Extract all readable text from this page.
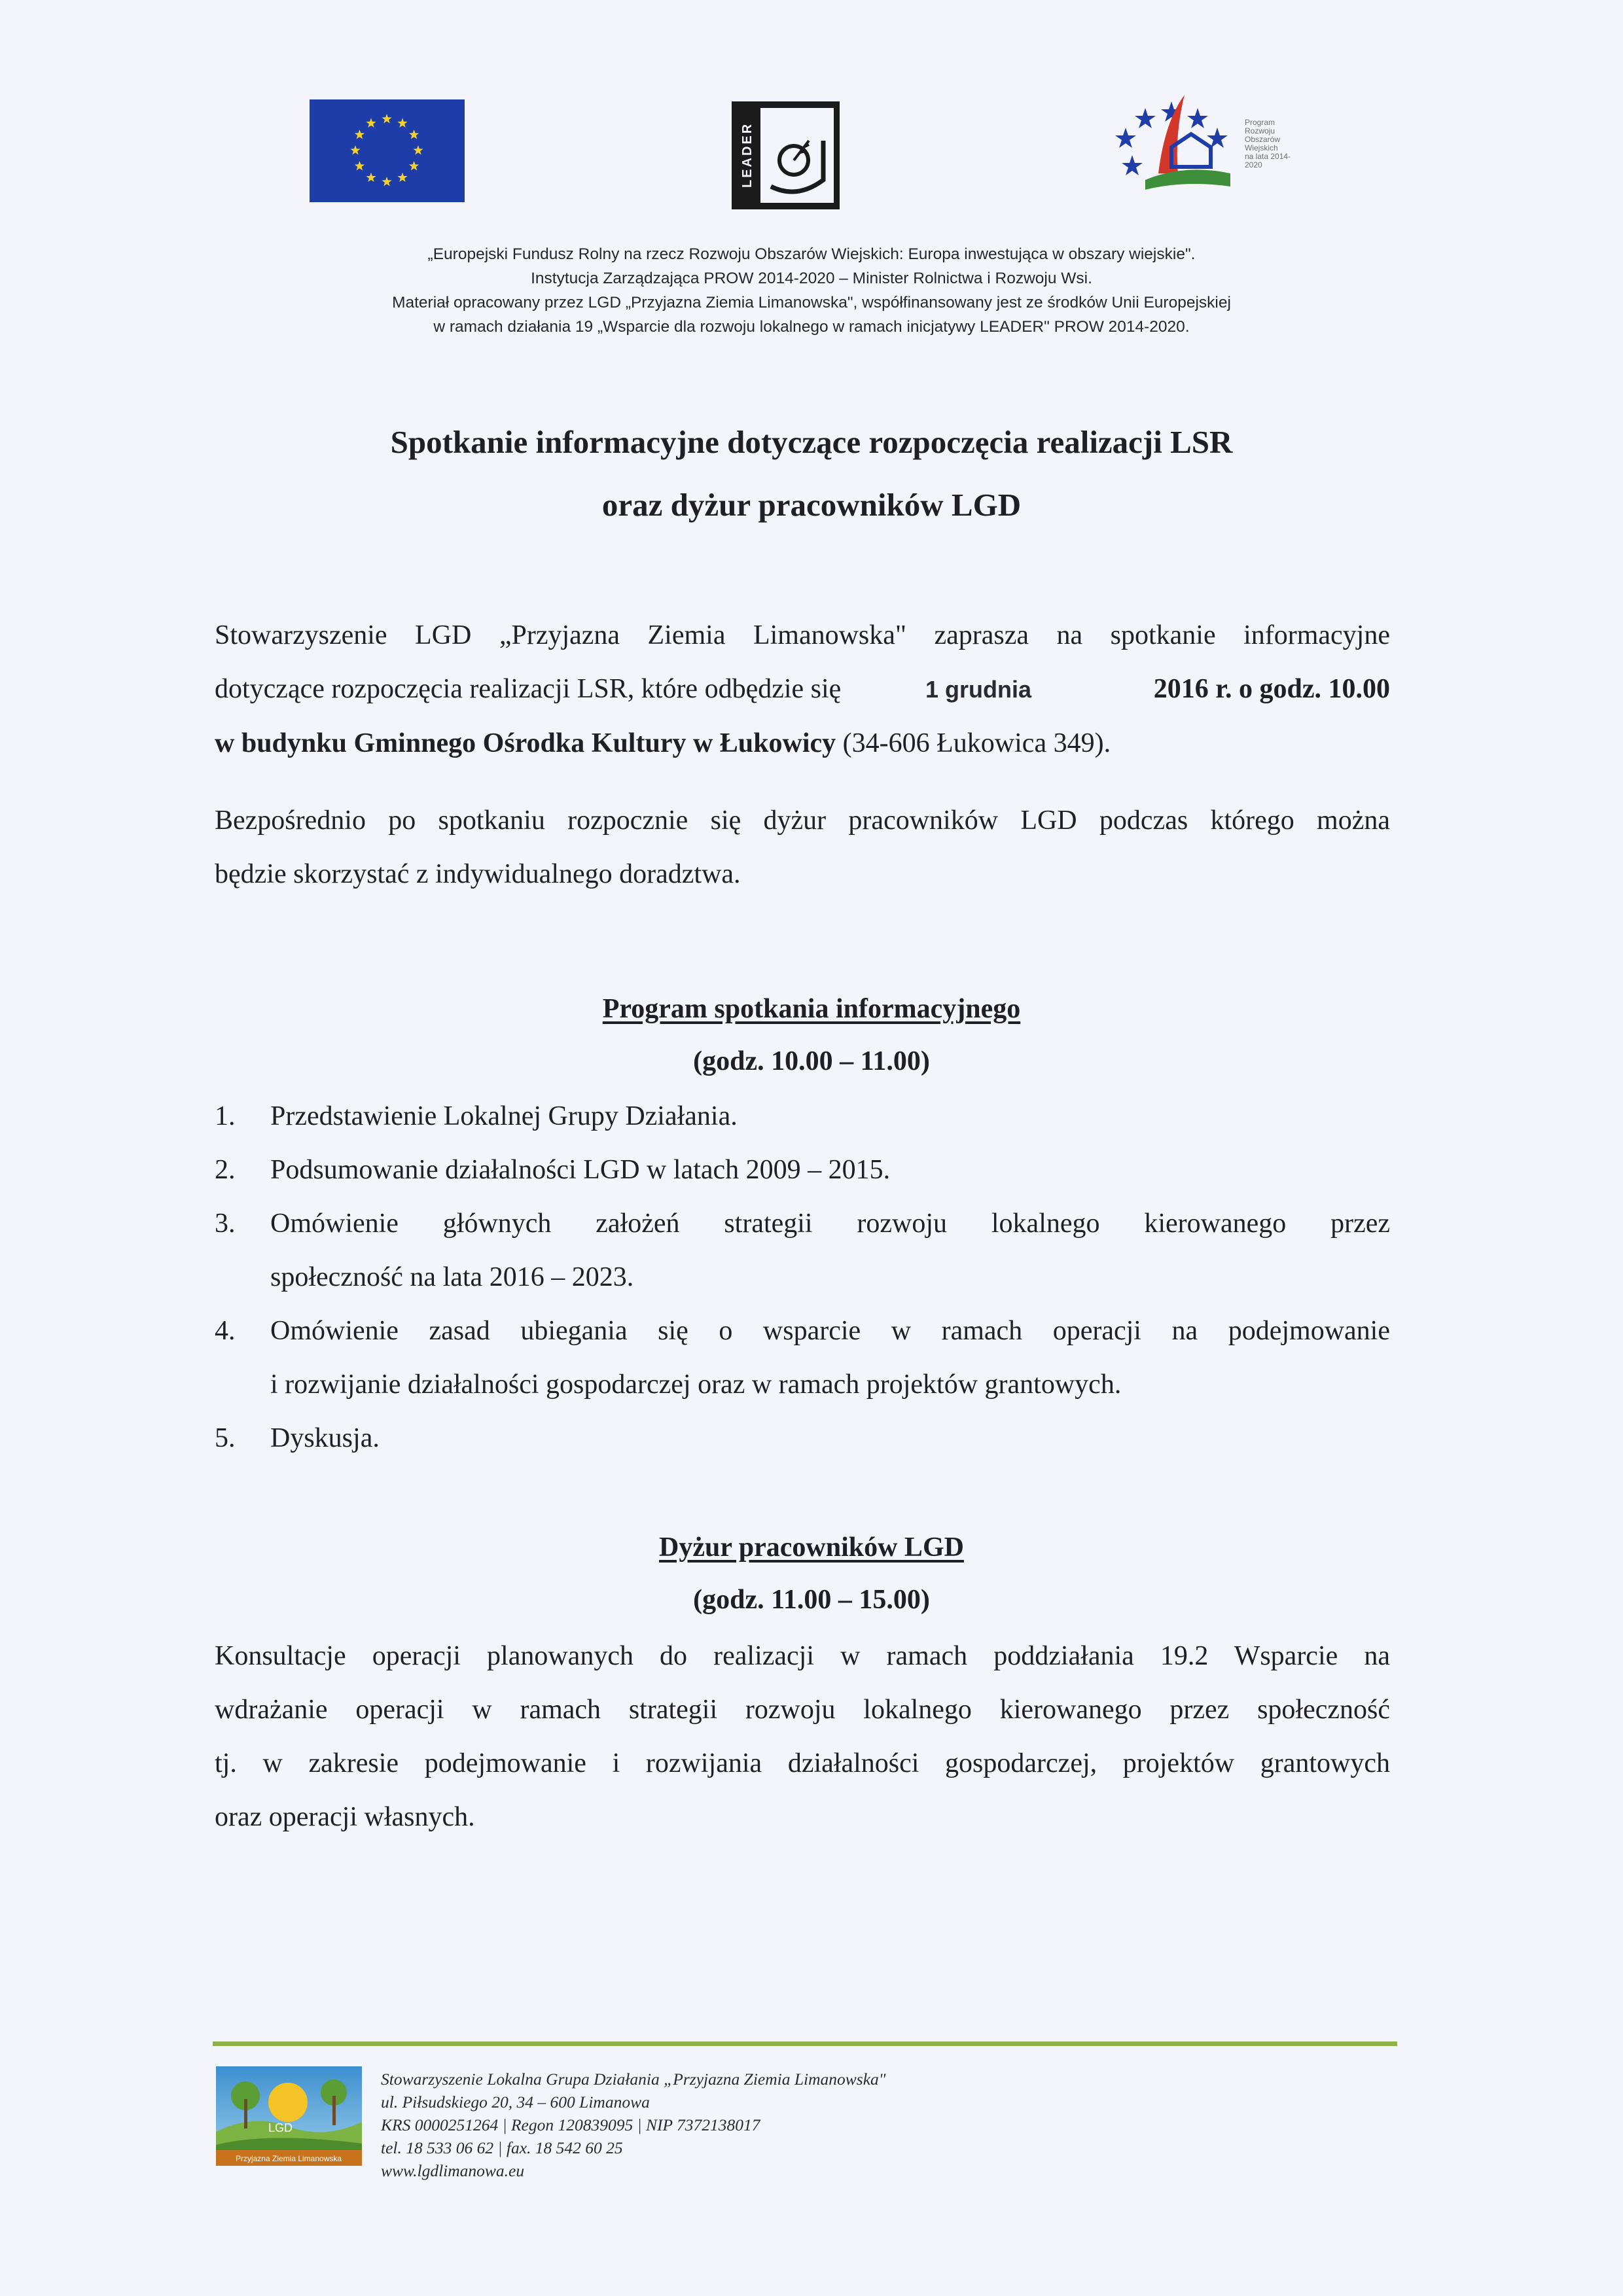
LEADER	Program
Rozwoju
Obszarów
Wiejskich
na lata 2014-2020
„Europejski Fundusz Rolny na rzecz Rozwoju Obszarów Wiejskich: Europa inwestująca w obszary wiejskie".
Instytucja Zarządzająca PROW 2014-2020 – Minister Rolnictwa i Rozwoju Wsi.
Materiał opracowany przez LGD „Przyjazna Ziemia Limanowska", współfinansowany jest ze środków Unii Europejskiej
w ramach działania 19 „Wsparcie dla rozwoju lokalnego w ramach inicjatywy LEADER" PROW 2014-2020.
Spotkanie informacyjne dotyczące rozpoczęcia realizacji LSR
oraz dyżur pracowników LGD
Stowarzyszenie LGD „Przyjazna Ziemia Limanowska" zaprasza na spotkanie informacyjne
dotyczące rozpoczęcia realizacji LSR, które odbędzie się	1 grudnia	2016 r. o godz. 10.00
w budynku Gminnego Ośrodka Kultury w Łukowicy (34-606 Łukowica 349).
Bezpośrednio po spotkaniu rozpocznie się dyżur pracowników LGD podczas którego można
będzie skorzystać z indywidualnego doradztwa.
Program spotkania informacyjnego
(godz. 10.00 – 11.00)
1. Przedstawienie Lokalnej Grupy Działania.
2. Podsumowanie działalności LGD w latach 2009 – 2015.
3. Omówienie głównych założeń strategii rozwoju lokalnego kierowanego przez
społeczność na lata 2016 – 2023.
4. Omówienie zasad ubiegania się o wsparcie w ramach operacji na podejmowanie
i rozwijanie działalności gospodarczej oraz w ramach projektów grantowych.
5. Dyskusja.
Dyżur pracowników LGD
(godz. 11.00 – 15.00)
Konsultacje operacji planowanych do realizacji w ramach poddziałania 19.2 Wsparcie na
wdrażanie operacji w ramach strategii rozwoju lokalnego kierowanego przez społeczność
tj. w zakresie podejmowanie i rozwijania działalności gospodarczej, projektów grantowych
oraz operacji własnych.
LGD
Przyjazna Ziemia Limanowska
Stowarzyszenie Lokalna Grupa Działania „Przyjazna Ziemia Limanowska"
ul. Piłsudskiego 20, 34 – 600 Limanowa
KRS 0000251264 | Regon 120839095 | NIP 7372138017
tel. 18 533 06 62 | fax. 18 542 60 25
www.lgdlimanowa.eu
